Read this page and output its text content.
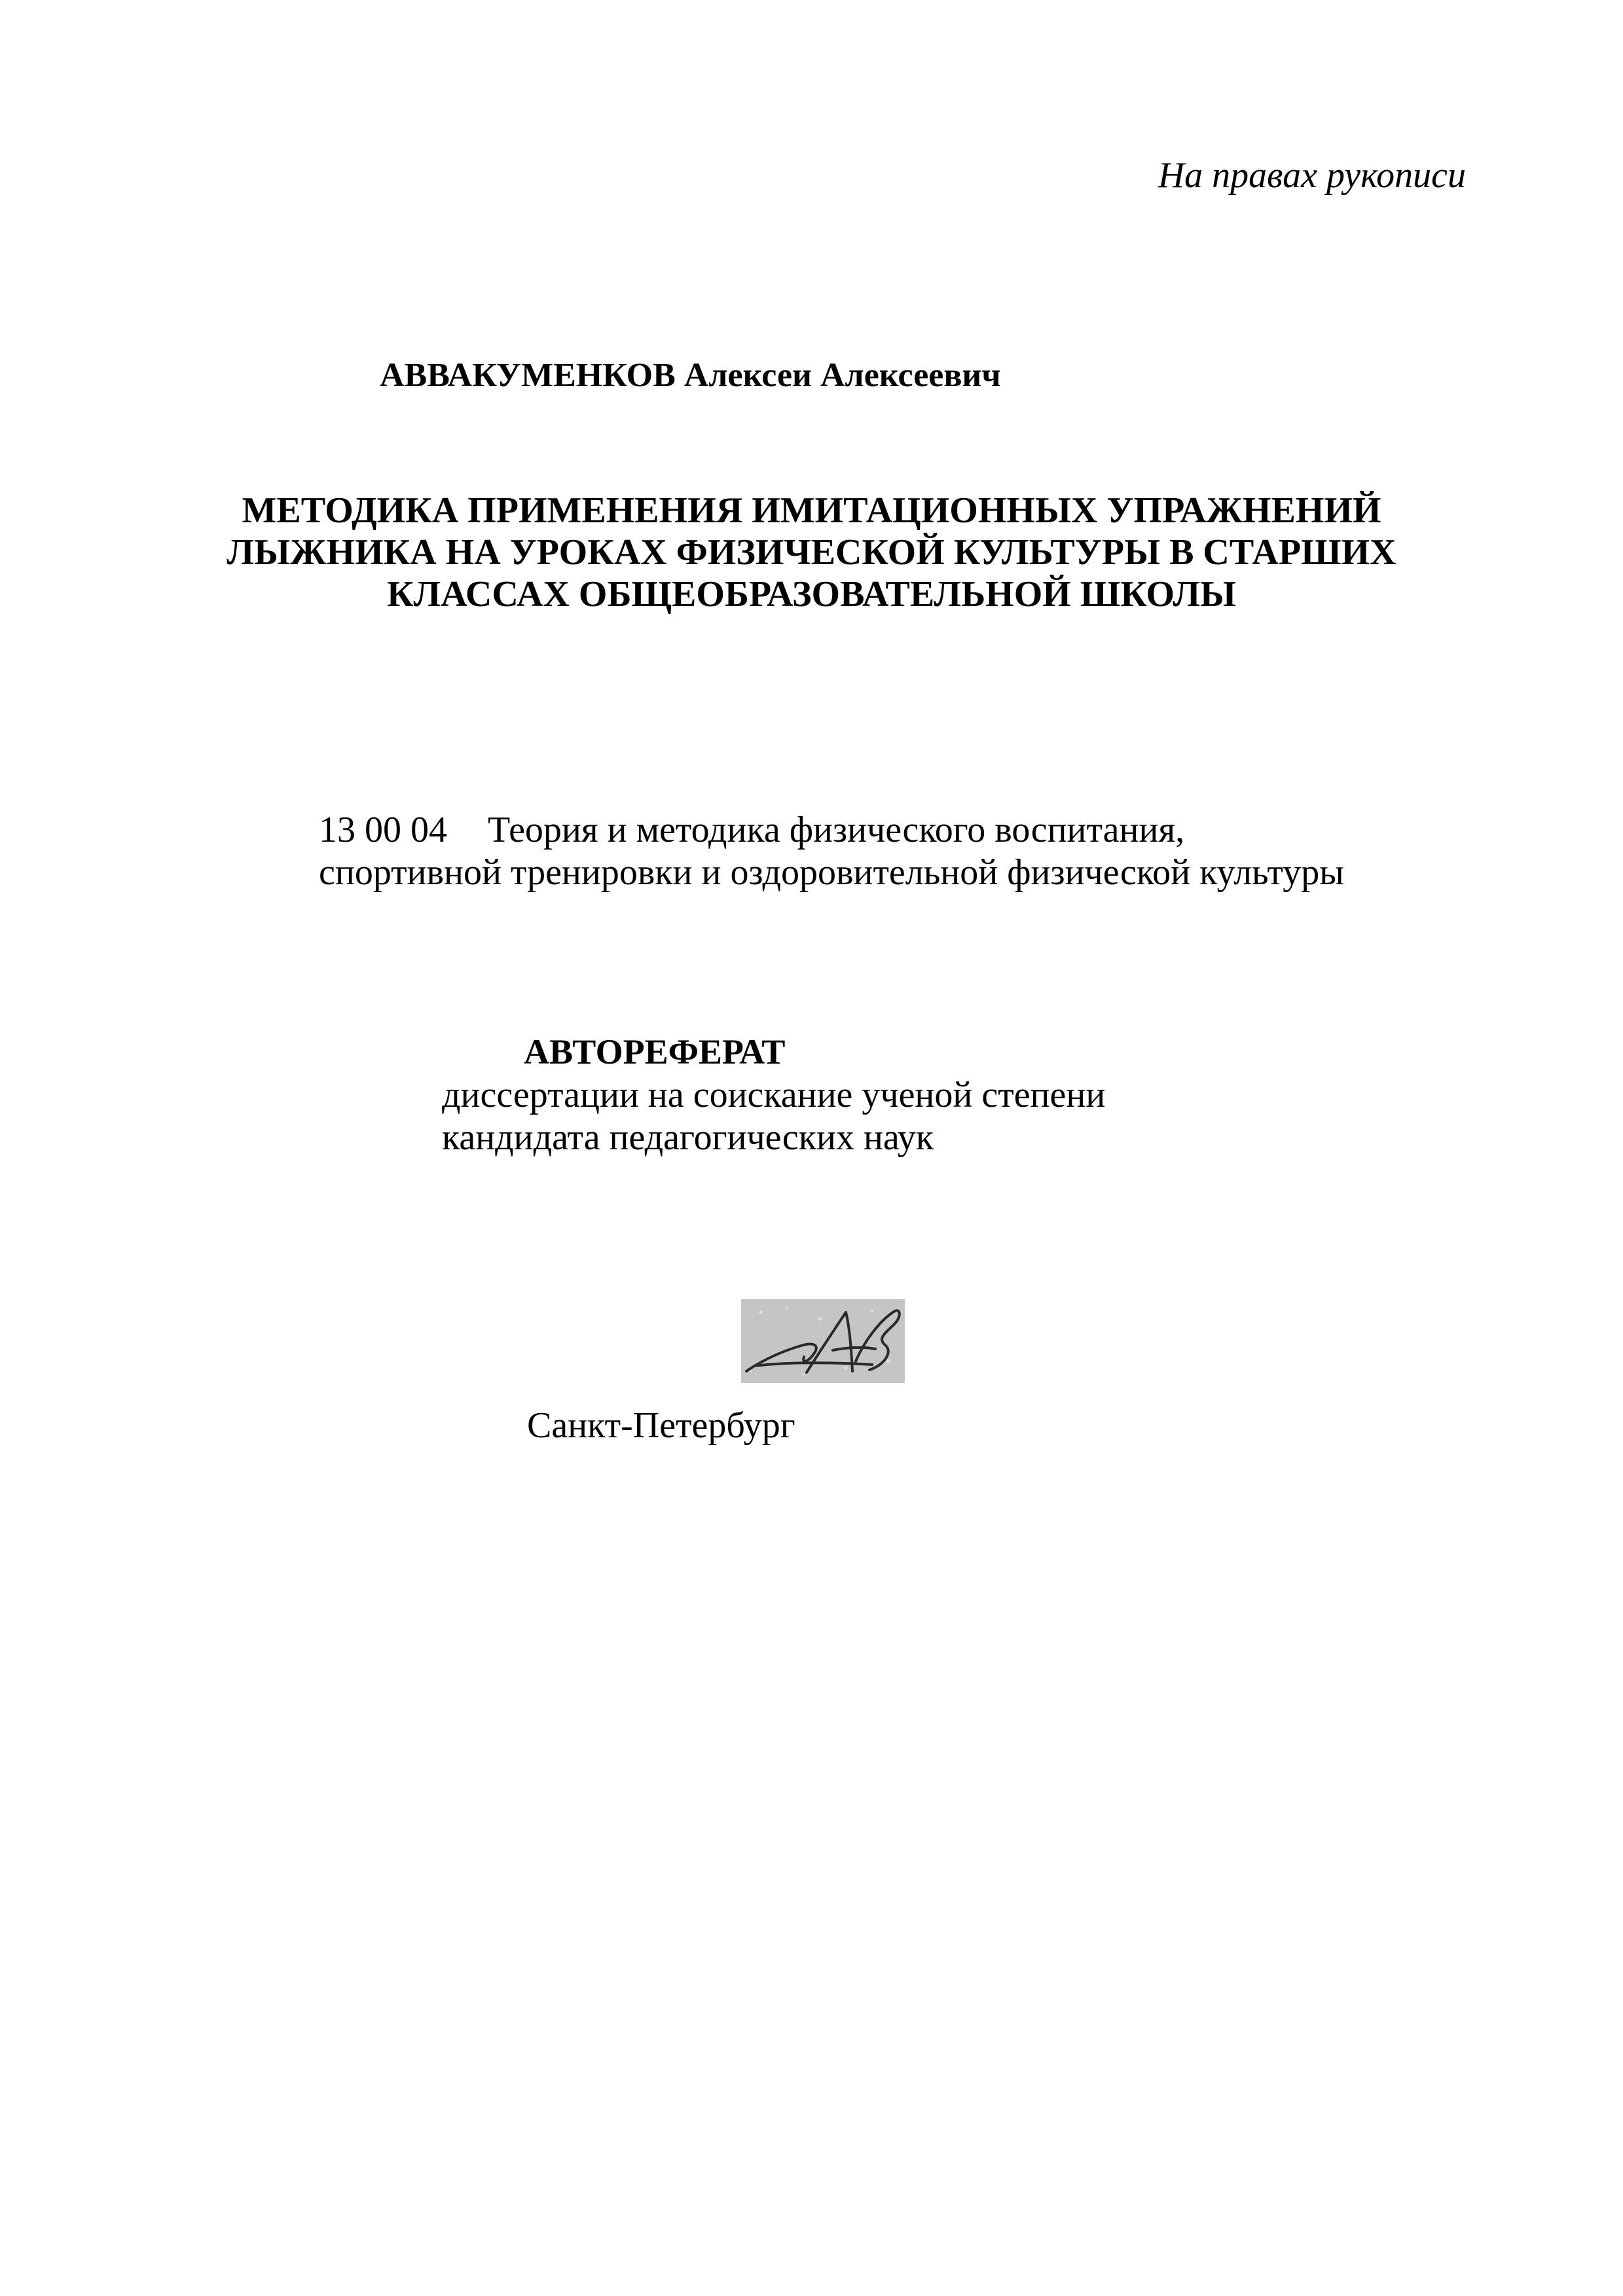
На правах рукописи
АВВАКУМЕНКОВ Алексеи Алексеевич
МЕТОДИКА ПРИМЕНЕНИЯ ИМИТАЦИОННЫХ УПРАЖНЕНИЙ
ЛЫЖНИКА НА УРОКАХ ФИЗИЧЕСКОЙ КУЛЬТУРЫ В СТАРШИХ
КЛАССАХ ОБЩЕОБРАЗОВАТЕЛЬНОЙ ШКОЛЫ
13 00 04 Теория и методика физического воспитания,
спортивной тренировки и оздоровительной физической культуры
АВТОРЕФЕРАТ
диссертации на соискание ученой степени
кандидата педагогических наук
Санкт-Петербург
